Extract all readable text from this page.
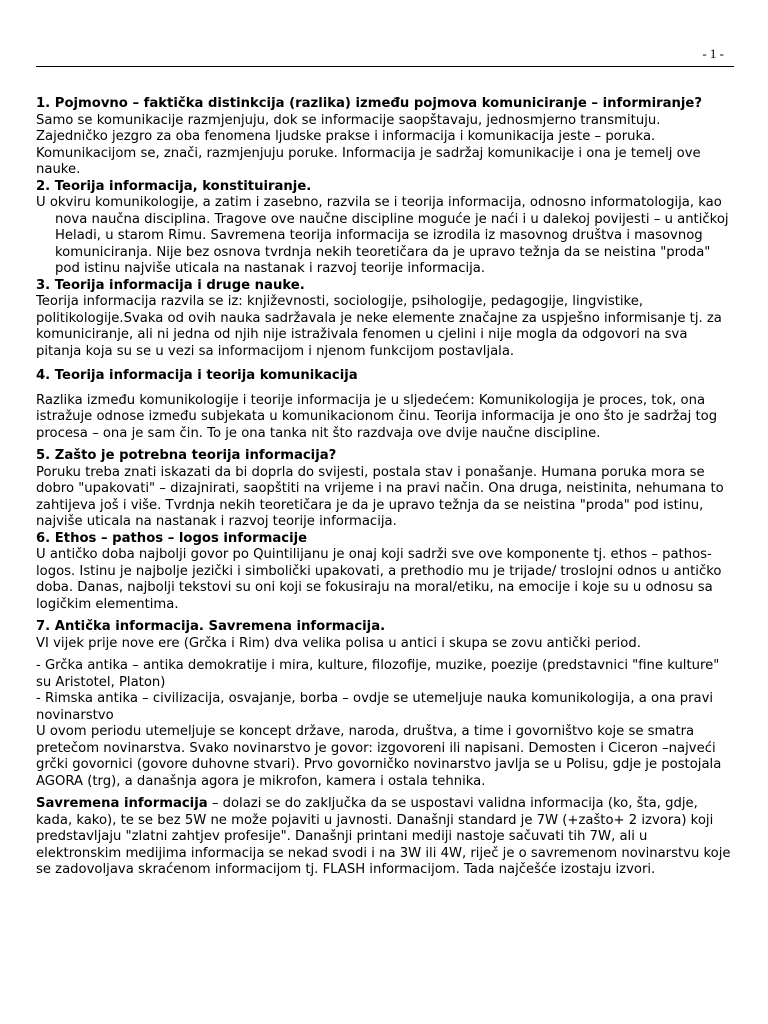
- 1 -

1. Pojmovno – faktička distinkcija (razlika) između pojmova komuniciranje – informiranje?

Samo se komunikacije razmjenjuju, dok se informacije saopštavaju, jednosmjerno transmituju. Zajedničko jezgro za oba fenomena ljudske prakse i informacija i komunikacija jeste – poruka. Komunikacijom se, znači, razmjenjuju poruke. Informacija je sadržaj komunikacije i ona je temelj ove nauke.

2. Teorija informacija, konstituiranje.

U okviru komunikologije, a zatim i zasebno, razvila se i teorija informacija, odnosno informatologija, kao nova naučna disciplina. Tragove ove naučne discipline moguće je naći i u dalekoj povijesti – u antičkoj Heladi, u starom Rimu. Savremena teorija informacija se izrodila iz masovnog društva i masovnog komuniciranja. Nije bez osnova tvrdnja nekih teoretičara da je upravo težnja da se neistina "proda" pod istinu najviše uticala na nastanak i razvoj teorije informacija.

3. Teorija informacija i druge nauke.

Teorija informacija razvila se iz: književnosti, sociologije, psihologije, pedagogije, lingvistike, politikologije.Svaka od ovih nauka sadržavala je neke elemente značajne za uspješno informisanje tj. za komuniciranje, ali ni jedna od njih nije istraživala fenomen u cjelini i nije mogla da odgovori na sva pitanja koja su se u vezi sa informacijom i njenom funkcijom postavljala.

4. Teorija informacija i teorija komunikacija

Razlika između komunikologije i teorije informacija je u sljedećem: Komunikologija je proces, tok, ona istražuje odnose između subjekata u komunikacionom činu. Teorija informacija je ono što je sadržaj tog procesa – ona je sam čin. To je ona tanka nit što razdvaja ove dvije naučne discipline.

5. Zašto je potrebna teorija informacija?

Poruku treba znati iskazati da bi doprla do svijesti, postala stav i ponašanje. Humana poruka mora se dobro "upakovati" – dizajnirati, saopštiti na vrijeme i na pravi način. Ona druga, neistinita, nehumana to zahtijeva još i više. Tvrdnja nekih teoretičara je da je upravo težnja da se neistina "proda" pod istinu, najviše uticala na nastanak i razvoj teorije informacija.

6. Ethos – pathos – logos informacije

U antičko doba najbolji govor po Quintilijanu je onaj koji sadrži sve ove komponente tj. ethos – pathos- logos. Istinu je najbolje jezički i simbolički upakovati, a prethodio mu je trijade/ troslojni odnos u antičko doba. Danas, najbolji tekstovi su oni koji se fokusiraju na moral/etiku, na emocije i koje su u odnosu sa logičkim elementima.

7. Antička informacija. Savremena informacija.

VI vijek prije nove ere (Grčka i Rim) dva velika polisa u antici i skupa se zovu antički period.

- Grčka antika – antika demokratije i mira, kulture, filozofije, muzike, poezije (predstavnici "fine kulture" su Aristotel, Platon)

- Rimska antika – civilizacija, osvajanje, borba – ovdje se utemeljuje nauka komunikologija, a ona pravi novinarstvo

U ovom periodu utemeljuje se koncept države, naroda, društva, a time i govorništvo koje se smatra pretečom novinarstva. Svako novinarstvo je govor: izgovoreni ili napisani. Demosten i Ciceron –najveći grčki govornici (govore duhovne stvari). Prvo govorničko novinarstvo javlja se u Polisu, gdje je postojala AGORA (trg), a današnja agora je mikrofon, kamera i ostala tehnika.

Savremena informacija – dolazi se do zaključka da se uspostavi validna informacija (ko, šta, gdje, kada, kako), te se bez 5W ne može pojaviti u javnosti. Današnji standard je 7W (+zašto+ 2 izvora) koji predstavljaju "zlatni zahtjev profesije". Današnji printani mediji nastoje sačuvati tih 7W, ali u elektronskim medijima informacija se nekad svodi i na 3W ili 4W, riječ je o savremenom novinarstvu koje se zadovoljava skraćenom informacijom tj. FLASH informacijom. Tada najčešće izostaju izvori.
